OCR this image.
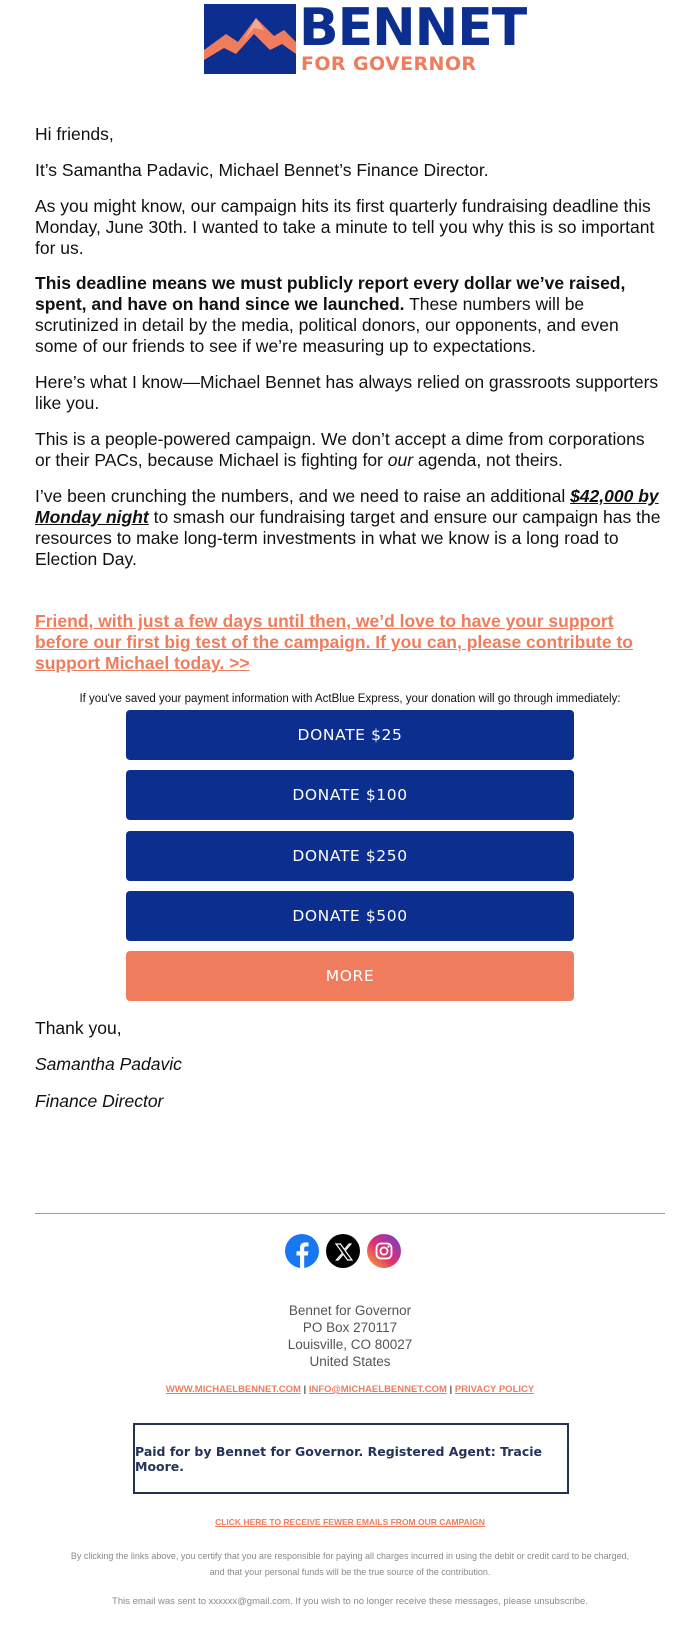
BENNET
FOR GOVERNOR

Hi friends,

It’s Samantha Padavic, Michael Bennet’s Finance Director.

As you might know, our campaign hits its first quarterly fundraising deadline this Monday, June 30th. I wanted to take a minute to tell you why this is so important for us.

This deadline means we must publicly report every dollar we’ve raised, spent, and have on hand since we launched. These numbers will be scrutinized in detail by the media, political donors, our opponents, and even some of our friends to see if we’re measuring up to expectations.

Here’s what I know—Michael Bennet has always relied on grassroots supporters like you.

This is a people-powered campaign. We don’t accept a dime from corporations or their PACs, because Michael is fighting for our agenda, not theirs.

I’ve been crunching the numbers, and we need to raise an additional $42,000 by Monday night to smash our fundraising target and ensure our campaign has the resources to make long-term investments in what we know is a long road to Election Day.

Friend, with just a few days until then, we’d love to have your support before our first big test of the campaign. If you can, please contribute to support Michael today. >>
If you've saved your payment information with ActBlue Express, your donation will go through immediately:
DONATE $25
DONATE $100
DONATE $250
DONATE $500
MORE
Thank you,
Samantha Padavic
Finance Director
Bennet for Governor
PO Box 270117
Louisville, CO 80027
United States
WWW.MICHAELBENNET.COM | INFO@MICHAELBENNET.COM | PRIVACY POLICY
Paid for by Bennet for Governor. Registered Agent: Tracie Moore.
CLICK HERE TO RECEIVE FEWER EMAILS FROM OUR CAMPAIGN
By clicking the links above, you certify that you are responsible for paying all charges incurred in using the debit or credit card to be charged, and that your personal funds will be the true source of the contribution.
This email was sent to xxxxxx@gmail.com. If you wish to no longer receive these messages, please unsubscribe.
